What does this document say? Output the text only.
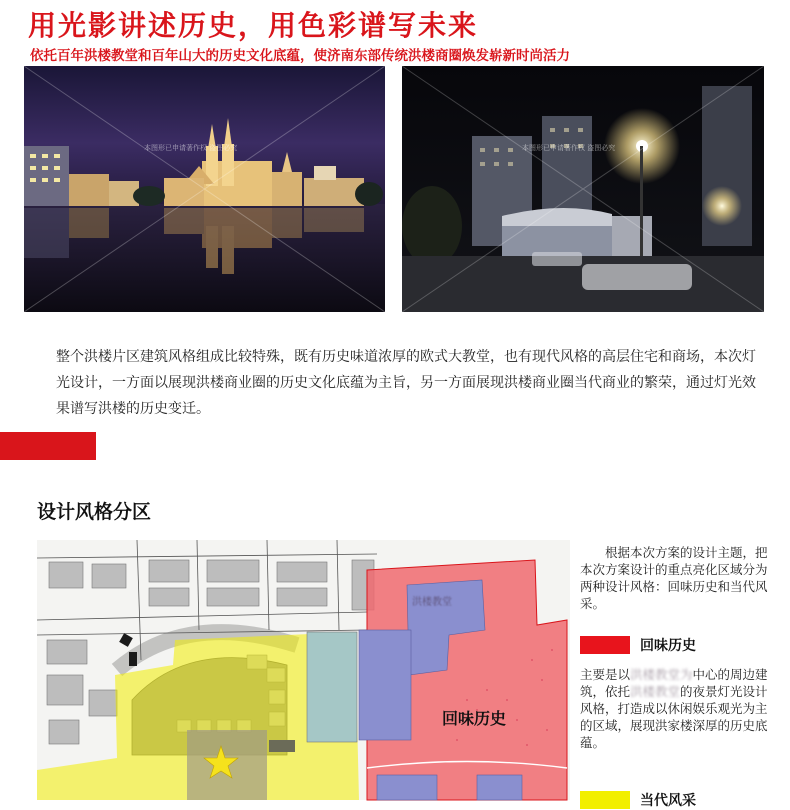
用光影讲述历史，用色彩谱写未来
依托百年洪楼教堂和百年山大的历史文化底蕴，使济南东部传统洪楼商圈焕发崭新时尚活力
本图形已申请著作权 盗图必究	本图形已申请著作权 盗图必究
整个洪楼片区建筑风格组成比较特殊，既有历史味道浓厚的欧式大教堂，也有现代风格的高层住宅和商场，本次灯光设计，一方面以展现洪楼商业圈的历史文化底蕴为主旨，另一方面展现洪楼商业圈当代商业的繁荣，通过灯光效果谱写洪楼的历史变迁。
设计风格分区
洪楼教堂
回味历史
根据本次方案的设计主题，把本次方案设计的重点亮化区域分为两种设计风格：回味历史和当代风采。
回味历史
主要是以洪楼教堂为中心的周边建筑，依托洪楼教堂的夜景灯光设计风格，打造成以休闲娱乐观光为主的区域，展现洪家楼深厚的历史底蕴。
当代风采
